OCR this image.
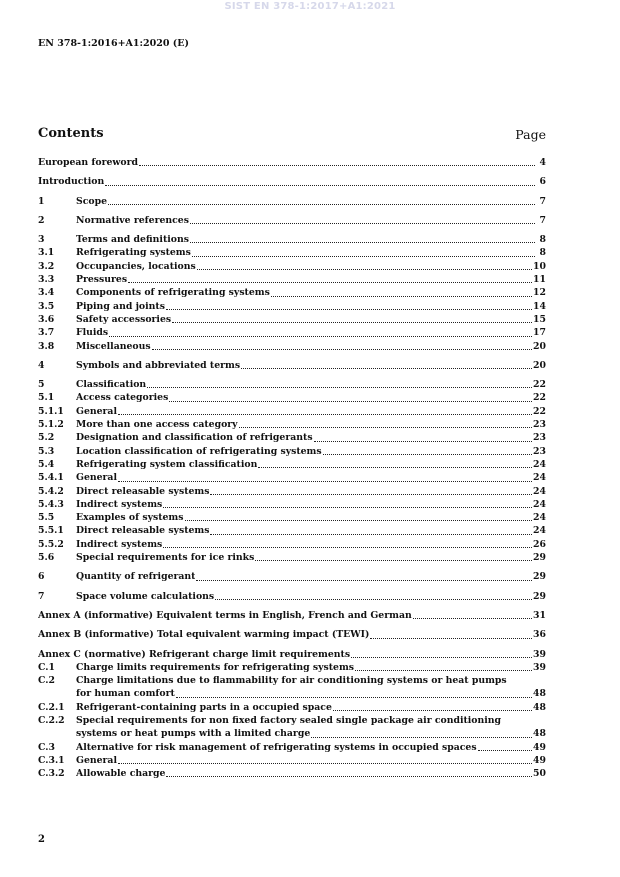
SIST EN 378-1:2017+A1:2021
EN 378-1:2016+A1:2020 (E)
Contents	Page
European foreword	4
Introduction	6
1	Scope	7
2	Normative references	7
3	Terms and definitions	8
3.1	Refrigerating systems	8
3.2	Occupancies, locations	10
3.3	Pressures	11
3.4	Components of refrigerating systems	12
3.5	Piping and joints	14
3.6	Safety accessories	15
3.7	Fluids	17
3.8	Miscellaneous	20
4	Symbols and abbreviated terms	20
5	Classification	22
5.1	Access categories	22
5.1.1	General	22
5.1.2	More than one access category	23
5.2	Designation and classification of refrigerants	23
5.3	Location classification of refrigerating systems	23
5.4	Refrigerating system classification	24
5.4.1	General	24
5.4.2	Direct releasable systems	24
5.4.3	Indirect systems	24
5.5	Examples of systems	24
5.5.1	Direct releasable systems	24
5.5.2	Indirect systems	26
5.6	Special requirements for ice rinks	29
6	Quantity of refrigerant	29
7	Space volume calculations	29
Annex A (informative) Equivalent terms in English, French and German	31
Annex B (informative) Total equivalent warming impact (TEWI)	36
Annex C (normative) Refrigerant charge limit requirements	39
C.1	Charge limits requirements for refrigerating systems	39
C.2	Charge limitations due to flammability for air conditioning systems or heat pumps
for human comfort	48
C.2.1	Refrigerant-containing parts in a occupied space	48
C.2.2	Special requirements for non fixed factory sealed single package air conditioning
systems or heat pumps with a limited charge	48
C.3	Alternative for risk management of refrigerating systems in occupied spaces	49
C.3.1	General	49
C.3.2	Allowable charge	50
2
